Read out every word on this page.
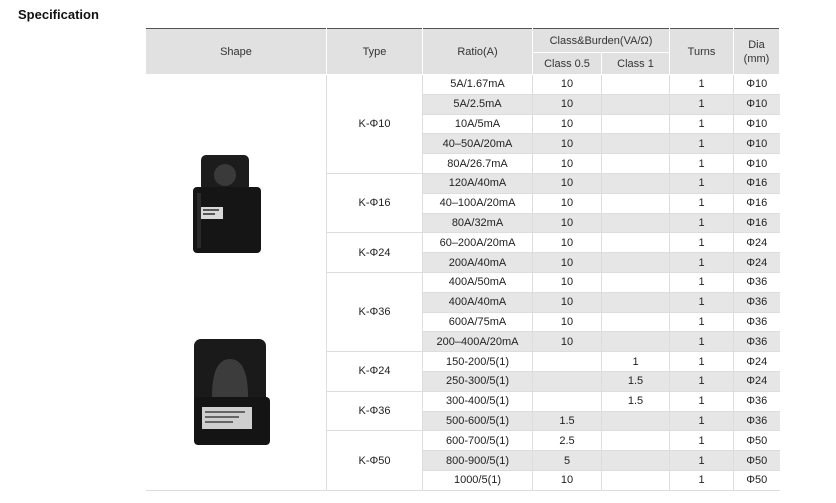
Specification
Shape	Type	Ratio(A)	Class&Burden(VA/Ω)		Turns	Dia
(mm)
			Class 0.5	Class 1		

	K-Φ10	5A/1.67mA	10		1	Φ10
		5A/2.5mA	10		1	Φ10
		10A/5mA	10		1	Φ10
		40–50A/20mA	10		1	Φ10
		80A/26.7mA	10		1	Φ10
	K-Φ16	120A/40mA	10		1	Φ16
		40–100A/20mA	10		1	Φ16
		80A/32mA	10		1	Φ16
	K-Φ24	60–200A/20mA	10		1	Φ24
		200A/40mA	10		1	Φ24
	K-Φ36	400A/50mA	10		1	Φ36
		400A/40mA	10		1	Φ36
		600A/75mA	10		1	Φ36
		200–400A/20mA	10		1	Φ36
	K-Φ24	150-200/5(1)		1	1	Φ24
		250-300/5(1)		1.5	1	Φ24
	K-Φ36	300-400/5(1)		1.5	1	Φ36
		500-600/5(1)	1.5		1	Φ36
	K-Φ50	600-700/5(1)	2.5		1	Φ50
		800-900/5(1)	5		1	Φ50
		1000/5(1)	10		1	Φ50
